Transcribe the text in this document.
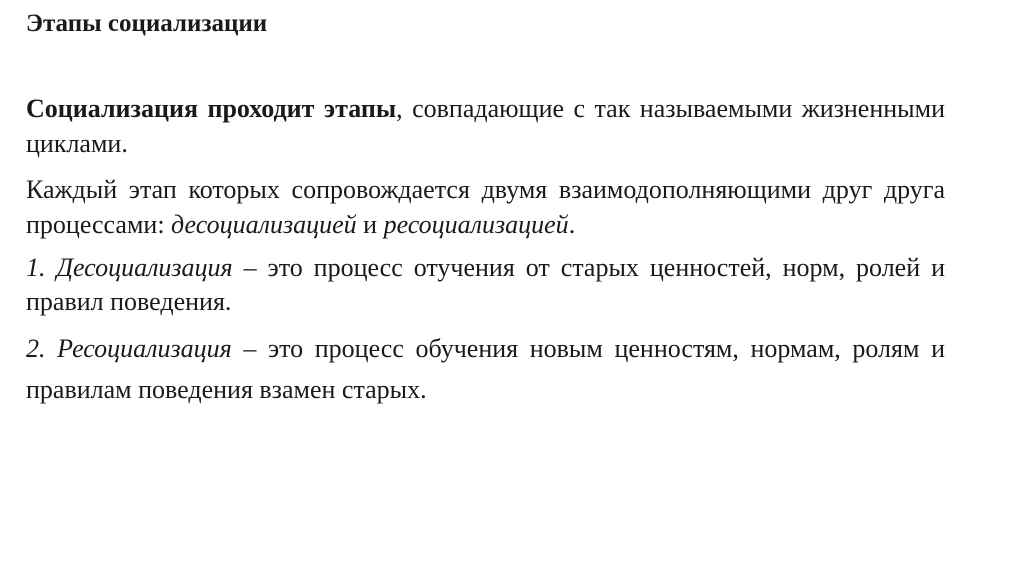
Этапы социализации

Социализация проходит этапы, совпадающие с так называемыми жизненными циклами.

Каждый этап которых сопровождается двумя взаимодополняющими друг друга процессами: десоциализацией и ресоциализацией.

1. Десоциализация – это процесс отучения от старых ценностей, норм, ролей и правил поведения.

2. Ресоциализация – это процесс обучения новым ценностям, нормам, ролям и правилам поведения взамен старых.
